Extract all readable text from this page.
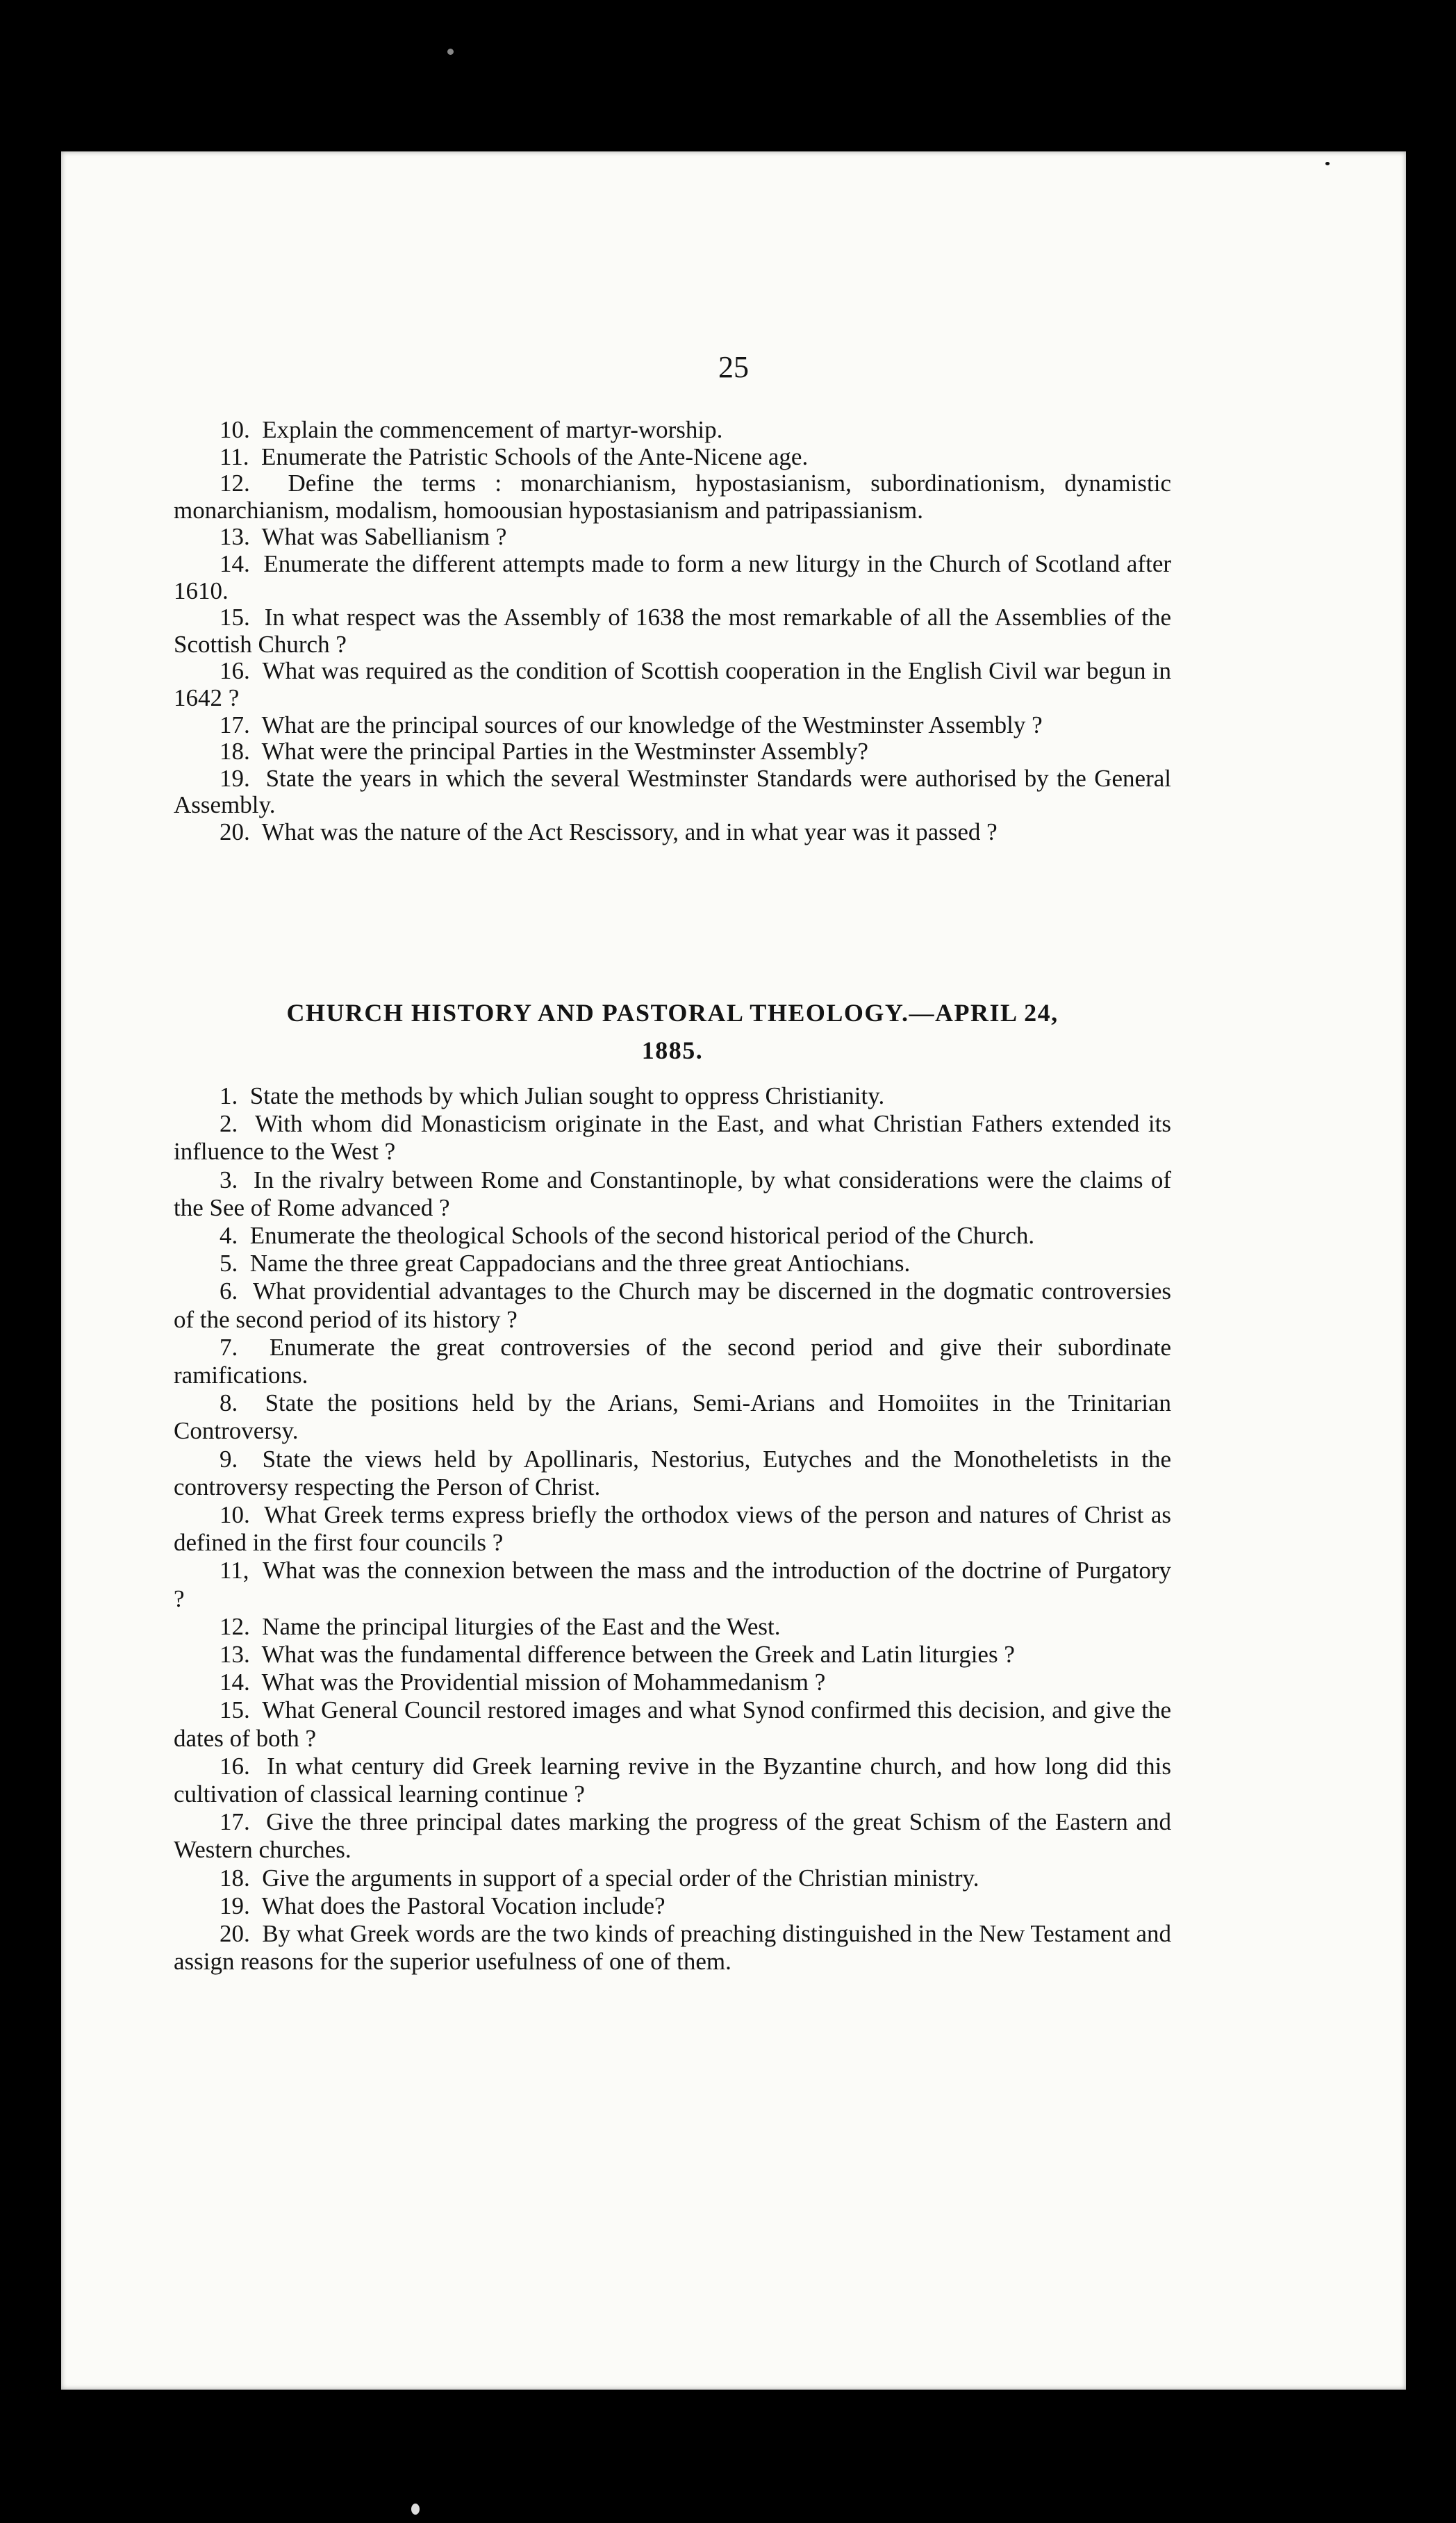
25

10. Explain the commencement of martyr-worship.

11. Enumerate the Patristic Schools of the Ante-Nicene age.

12. Define the terms : monarchianism, hypostasianism, subordinationism, dynamistic monarchianism, modalism, homoousian hypostasianism and patripassianism.

13. What was Sabellianism ?

14. Enumerate the different attempts made to form a new liturgy in the Church of Scotland after 1610.

15. In what respect was the Assembly of 1638 the most remarkable of all the Assemblies of the Scottish Church ?

16. What was required as the condition of Scottish cooperation in the English Civil war begun in 1642 ?

17. What are the principal sources of our knowledge of the Westminster Assembly ?

18. What were the principal Parties in the Westminster Assembly?

19. State the years in which the several Westminster Standards were authorised by the General Assembly.

20. What was the nature of the Act Rescissory, and in what year was it passed ?

CHURCH HISTORY AND PASTORAL THEOLOGY.—APRIL 24,
1885.

1. State the methods by which Julian sought to oppress Christianity.

2. With whom did Monasticism originate in the East, and what Christian Fathers extended its influence to the West ?

3. In the rivalry between Rome and Constantinople, by what considerations were the claims of the See of Rome advanced ?

4. Enumerate the theological Schools of the second historical period of the Church.

5. Name the three great Cappadocians and the three great Antiochians.

6. What providential advantages to the Church may be discerned in the dogmatic controversies of the second period of its history ?

7. Enumerate the great controversies of the second period and give their subordinate ramifications.

8. State the positions held by the Arians, Semi-Arians and Homoiites in the Trinitarian Controversy.

9. State the views held by Apollinaris, Nestorius, Eutyches and the Monotheletists in the controversy respecting the Person of Christ.

10. What Greek terms express briefly the orthodox views of the person and natures of Christ as defined in the first four councils ?

11, What was the connexion between the mass and the introduction of the doctrine of Purgatory ?

12. Name the principal liturgies of the East and the West.

13. What was the fundamental difference between the Greek and Latin liturgies ?

14. What was the Providential mission of Mohammedanism ?

15. What General Council restored images and what Synod confirmed this decision, and give the dates of both ?

16. In what century did Greek learning revive in the Byzantine church, and how long did this cultivation of classical learning continue ?

17. Give the three principal dates marking the progress of the great Schism of the Eastern and Western churches.

18. Give the arguments in support of a special order of the Christian ministry.

19. What does the Pastoral Vocation include?

20. By what Greek words are the two kinds of preaching distinguished in the New Testament and assign reasons for the superior usefulness of one of them.
